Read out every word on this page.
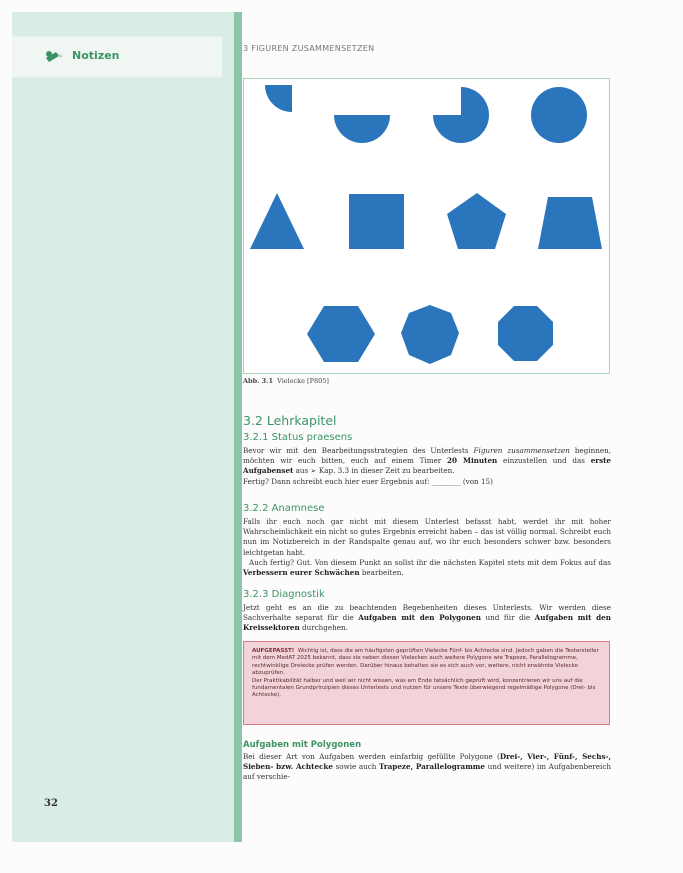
Notizen
32
3 FIGUREN ZUSAMMENSETZEN
Abb. 3.1 Vielecke [P805]
3.2 Lehrkapitel
3.2.1 Status praesens
Bevor wir mit den Bearbeitungsstrategien des Unterlests Figuren zusammensetzen beginnen, möchten wir euch bitten, euch auf einem Timer 20 Minuten einzustellen und das erste Aufgabenset aus ➢ Kap. 3.3 in dieser Zeit zu bearbeiten.
Fertig? Dann schreibt euch hier euer Ergebnis auf: ________ (von 15)
3.2.2 Anamnese
Falls ihr euch noch gar nicht mit diesem Unterlest befasst habt, werdet ihr mit hoher Wahrscheinlichkeit ein nicht so gutes Ergebnis erreicht haben – das ist völlig normal. Schreibt euch nun im Notizbereich in der Randspalte genau auf, wo ihr euch besonders schwer bzw. besonders leichtgetan habt.
Auch fertig? Gut. Von diesem Punkt an sollst ihr die nächsten Kapitel stets mit dem Fokus auf das Verbessern eurer Schwächen bearbeiten.
3.2.3 Diagnostik
Jetzt geht es an die zu beachtenden Begebenheiten dieses Unterlests. Wir werden diese Sachverhalte separat für die Aufgaben mit den Polygonen und für die Aufgaben mit den Kreissektoren durchgehen.
AUFGEPASST! Wichtig ist, dass die am häufigsten geprüften Vielecke Fünf- bis Achtecke sind. Jedoch gaben die Testersteller mit dem MedAT 2025 bekannt, dass sie neben diesen Vielecken auch weitere Polygone wie Trapeze, Parallelogramme, rechtwinklige Dreiecke prüfen werden. Darüber hinaus behalten sie es sich auch vor, weitere, nicht erwähnte Vielecke abzuprüfen.
Der Praktikabilität halber und weil wir nicht wissen, was am Ende tatsächlich geprüft wird, konzentrieren wir uns auf die fundamentalen Grundprinzipien dieses Unterlests und nutzen für unsere Texte überwiegend regelmäßige Polygone (Drei- bis Achtecke).
Aufgaben mit Polygonen
Bei dieser Art von Aufgaben werden einfarbig gefüllte Polygone (Drei-, Vier-, Fünf-, Sechs-, Sieben- bzw. Achtecke sowie auch Trapeze, Parallelogramme und weitere) im Aufgabenbereich auf verschie-
